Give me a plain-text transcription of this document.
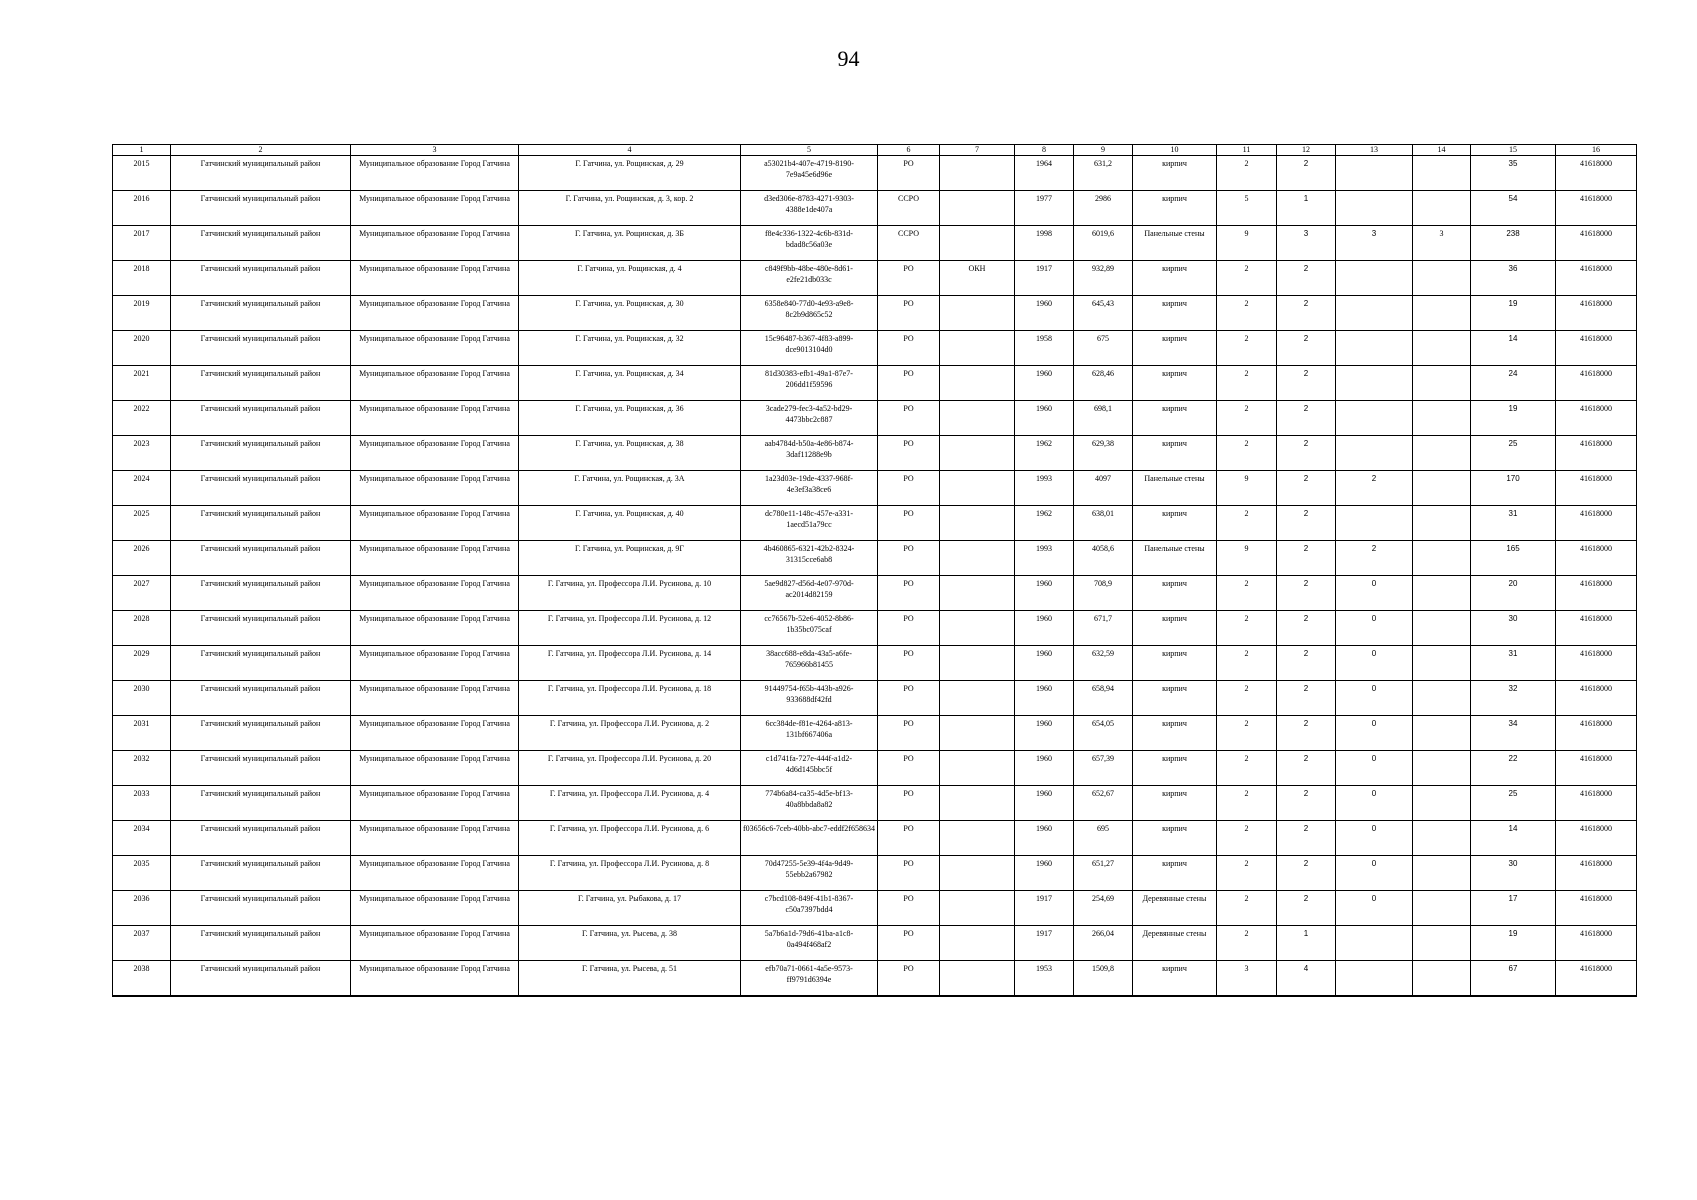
94
1	2	3	4	5	6	7	8	9	10	11	12	13	14	15	16
2015	Гатчинский муниципальный район	Муниципальное образование Город Гатчина	Г. Гатчина, ул. Рощинская, д. 29	a53021b4-407e-4719-8190-7e9a45e6d96e	РО		1964	631,2	кирпич	2	2			35	41618000
2016	Гатчинский муниципальный район	Муниципальное образование Город Гатчина	Г. Гатчина, ул. Рощинская, д. 3, кор. 2	d3ed306e-8783-4271-9303-4388e1de407a	ССРО		1977	2986	кирпич	5	1			54	41618000
2017	Гатчинский муниципальный район	Муниципальное образование Город Гатчина	Г. Гатчина, ул. Рощинская, д. 3Б	f8e4c336-1322-4c6b-831d-bdad8c56a03e	ССРО		1998	6019,6	Панельные стены	9	3	3	3	238	41618000
2018	Гатчинский муниципальный район	Муниципальное образование Город Гатчина	Г. Гатчина, ул. Рощинская, д. 4	c849f9bb-48be-480e-8d61-e2fe21db033c	РО	ОКН	1917	932,89	кирпич	2	2			36	41618000
2019	Гатчинский муниципальный район	Муниципальное образование Город Гатчина	Г. Гатчина, ул. Рощинская, д. 30	6358e840-77d0-4e93-a9e8-8c2b9d865c52	РО		1960	645,43	кирпич	2	2			19	41618000
2020	Гатчинский муниципальный район	Муниципальное образование Город Гатчина	Г. Гатчина, ул. Рощинская, д. 32	15c96487-b367-4f83-a899-dce9013104d0	РО		1958	675	кирпич	2	2			14	41618000
2021	Гатчинский муниципальный район	Муниципальное образование Город Гатчина	Г. Гатчина, ул. Рощинская, д. 34	81d30383-efb1-49a1-87e7-206dd1f59596	РО		1960	628,46	кирпич	2	2			24	41618000
2022	Гатчинский муниципальный район	Муниципальное образование Город Гатчина	Г. Гатчина, ул. Рощинская, д. 36	3cade279-fec3-4a52-bd29-4473bbc2c887	РО		1960	698,1	кирпич	2	2			19	41618000
2023	Гатчинский муниципальный район	Муниципальное образование Город Гатчина	Г. Гатчина, ул. Рощинская, д. 38	aab4784d-b50a-4e86-b874-3daf11288e9b	РО		1962	629,38	кирпич	2	2			25	41618000
2024	Гатчинский муниципальный район	Муниципальное образование Город Гатчина	Г. Гатчина, ул. Рощинская, д. 3А	1a23d03e-19de-4337-968f-4e3ef3a38ce6	РО		1993	4097	Панельные стены	9	2	2		170	41618000
2025	Гатчинский муниципальный район	Муниципальное образование Город Гатчина	Г. Гатчина, ул. Рощинская, д. 40	dc780e11-148c-457e-a331-1aecd51a79cc	РО		1962	638,01	кирпич	2	2			31	41618000
2026	Гатчинский муниципальный район	Муниципальное образование Город Гатчина	Г. Гатчина, ул. Рощинская, д. 9Г	4b460865-6321-42b2-8324-31315cce6ab8	РО		1993	4058,6	Панельные стены	9	2	2		165	41618000
2027	Гатчинский муниципальный район	Муниципальное образование Город Гатчина	Г. Гатчина, ул. Профессора Л.И. Русинова, д. 10	5ae9d827-d56d-4e07-970d-ac2014d82159	РО		1960	708,9	кирпич	2	2	0		20	41618000
2028	Гатчинский муниципальный район	Муниципальное образование Город Гатчина	Г. Гатчина, ул. Профессора Л.И. Русинова, д. 12	cc76567b-52e6-4052-8b86-1b35bc075caf	РО		1960	671,7	кирпич	2	2	0		30	41618000
2029	Гатчинский муниципальный район	Муниципальное образование Город Гатчина	Г. Гатчина, ул. Профессора Л.И. Русинова, д. 14	38acc688-e8da-43a5-a6fe-765966b81455	РО		1960	632,59	кирпич	2	2	0		31	41618000
2030	Гатчинский муниципальный район	Муниципальное образование Город Гатчина	Г. Гатчина, ул. Профессора Л.И. Русинова, д. 18	91449754-f65b-443b-a926-933688df42fd	РО		1960	658,94	кирпич	2	2	0		32	41618000
2031	Гатчинский муниципальный район	Муниципальное образование Город Гатчина	Г. Гатчина, ул. Профессора Л.И. Русинова, д. 2	6cc384de-f81e-4264-a813-131bf667406a	РО		1960	654,05	кирпич	2	2	0		34	41618000
2032	Гатчинский муниципальный район	Муниципальное образование Город Гатчина	Г. Гатчина, ул. Профессора Л.И. Русинова, д. 20	c1d741fa-727e-444f-a1d2-4d6d145bbc5f	РО		1960	657,39	кирпич	2	2	0		22	41618000
2033	Гатчинский муниципальный район	Муниципальное образование Город Гатчина	Г. Гатчина, ул. Профессора Л.И. Русинова, д. 4	774b6a84-ca35-4d5e-bf13-40a8bbda8a82	РО		1960	652,67	кирпич	2	2	0		25	41618000
2034	Гатчинский муниципальный район	Муниципальное образование Город Гатчина	Г. Гатчина, ул. Профессора Л.И. Русинова, д. 6	f03656c6-7ceb-40bb-abc7-eddf2f658634	РО		1960	695	кирпич	2	2	0		14	41618000
2035	Гатчинский муниципальный район	Муниципальное образование Город Гатчина	Г. Гатчина, ул. Профессора Л.И. Русинова, д. 8	70d47255-5e39-4f4a-9d49-55ebb2a67982	РО		1960	651,27	кирпич	2	2	0		30	41618000
2036	Гатчинский муниципальный район	Муниципальное образование Город Гатчина	Г. Гатчина, ул. Рыбакова, д. 17	c7bcd108-849f-41b1-8367-c50a7397bdd4	РО		1917	254,69	Деревянные стены	2	2	0		17	41618000
2037	Гатчинский муниципальный район	Муниципальное образование Город Гатчина	Г. Гатчина, ул. Рысева, д. 38	5a7b6a1d-79d6-41ba-a1c8-0a494f468af2	РО		1917	266,04	Деревянные стены	2	1			19	41618000
2038	Гатчинский муниципальный район	Муниципальное образование Город Гатчина	Г. Гатчина, ул. Рысева, д. 51	efb70a71-0661-4a5e-9573-ff9791d6394e	РО		1953	1509,8	кирпич	3	4			67	41618000
